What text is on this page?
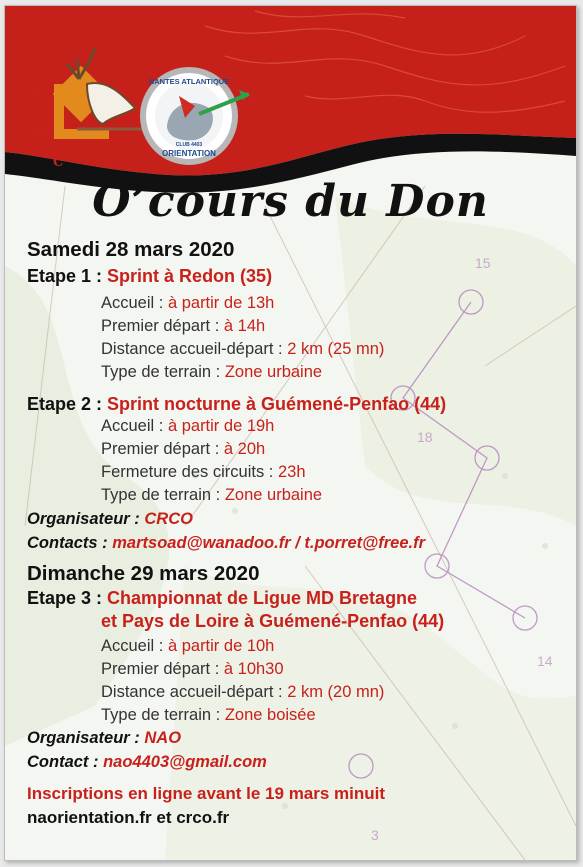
15
18
14
3
C
R
C	O
NANTES ATLANTIQUE
ORIENTATION
CLUB 4403
O’cours du Don
Samedi 28 mars 2020
Etape 1 : Sprint à Redon (35)
Accueil : à partir de 13h
Premier départ : à 14h
Distance accueil-départ : 2 km (25 mn)
Type de terrain : Zone urbaine
Etape 2 : Sprint nocturne à Guémené-Penfao (44)
Accueil : à partir de 19h
Premier départ : à 20h
Fermeture des circuits : 23h
Type de terrain : Zone urbaine
Organisateur : CRCO
Contacts : martsoad@wanadoo.fr / t.porret@free.fr
Dimanche 29 mars 2020
Etape 3 : Championnat de Ligue MD Bretagne
et Pays de Loire à Guémené-Penfao (44)
Accueil : à partir de 10h
Premier départ : à 10h30
Distance accueil-départ : 2 km (20 mn)
Type de terrain : Zone boisée
Organisateur : NAO
Contact : nao4403@gmail.com
Inscriptions en ligne avant le 19 mars minuit
naorientation.fr et crco.fr
